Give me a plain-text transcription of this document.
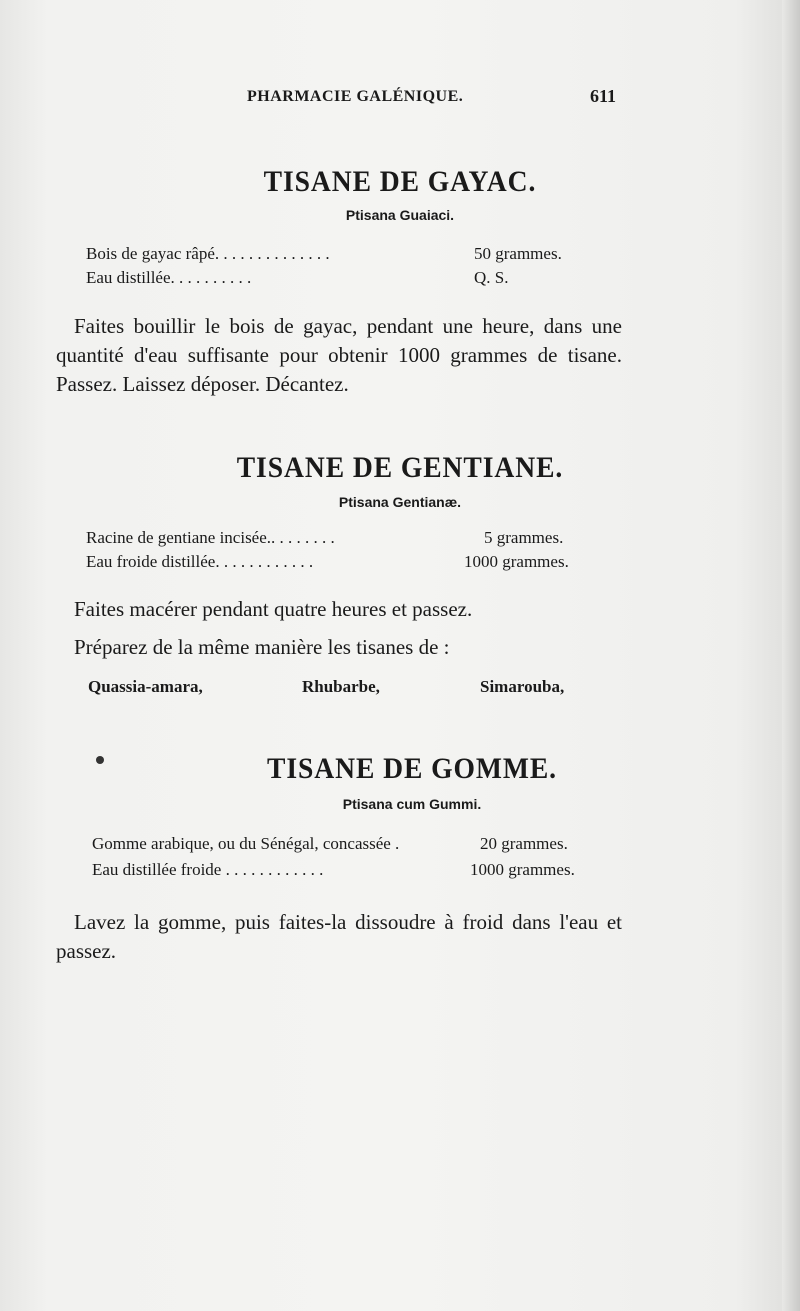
PHARMACIE GALÉNIQUE.	611
TISANE DE GAYAC.
Ptisana Guaiaci.
Bois de gayac râpé. . . . . . . . . . . . . .	50 grammes.
Eau distillée. . . . . . . . . .	Q. S.

Faites bouillir le bois de gayac, pendant une heure, dans une quantité d'eau suffisante pour obtenir 1000 grammes de tisane. Passez. Laissez déposer. Décantez.

TISANE DE GENTIANE.
Ptisana Gentianæ.
Racine de gentiane incisée.. . . . . . . .	5 grammes.
Eau froide distillée. . . . . . . . . . . .	1000 grammes.

Faites macérer pendant quatre heures et passez.

Préparez de la même manière les tisanes de :

Quassia-amara,	Rhubarbe,	Simarouba,
TISANE DE GOMME.
Ptisana cum Gummi.
Gomme arabique, ou du Sénégal, concassée .	20 grammes.
Eau distillée froide . . . . . . . . . . . .	1000 grammes.

Lavez la gomme, puis faites-la dissoudre à froid dans l'eau et passez.
